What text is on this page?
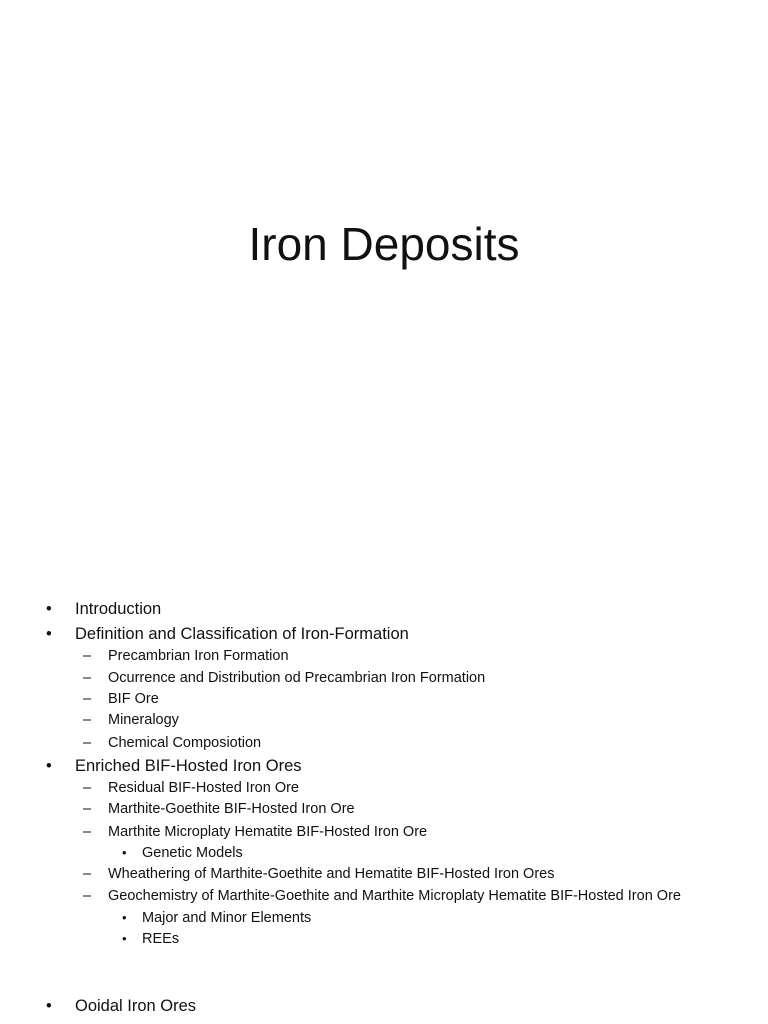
Iron Deposits
• Introduction
• Definition and Classification of Iron-Formation
– Precambrian Iron Formation
– Ocurrence and Distribution od Precambrian Iron Formation
– BIF Ore
– Mineralogy
– Chemical Composiotion
• Enriched BIF-Hosted Iron Ores
– Residual BIF-Hosted Iron Ore
– Marthite-Goethite BIF-Hosted Iron Ore
– Marthite Microplaty Hematite BIF-Hosted Iron Ore
• Genetic Models
– Wheathering of Marthite-Goethite and Hematite BIF-Hosted Iron Ores
– Geochemistry of Marthite-Goethite and Marthite Microplaty Hematite BIF-Hosted Iron Ore
• Major and Minor Elements
• REEs
• Ooidal Iron Ores
